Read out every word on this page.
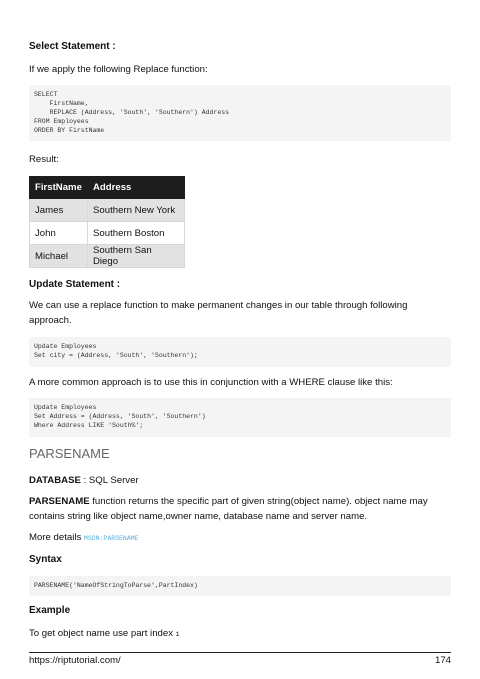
Select Statement :
If we apply the following Replace function:
SELECT
FirstName,
REPLACE (Address, 'South', 'Southern') Address
FROM Employees
ORDER BY FirstName
Result:
FirstName	Address
James	Southern New York
John	Southern Boston
Michael	Southern San Diego
Update Statement :
We can use a replace function to make permanent changes in our table through following approach.
Update Employees
Set city = (Address, 'South', 'Southern');
A more common approach is to use this in conjunction with a WHERE clause like this:
Update Employees
Set Address = (Address, 'South', 'Southern')
Where Address LIKE 'South%';
PARSENAME
DATABASE : SQL Server
PARSENAME function returns the specific part of given string(object name). object name may contains string like object name,owner name, database name and server name.
More details MSDN:PARSENAME
Syntax
PARSENAME('NameOfStringToParse',PartIndex)
Example
To get object name use part index 1
https://riptutorial.com/	174
